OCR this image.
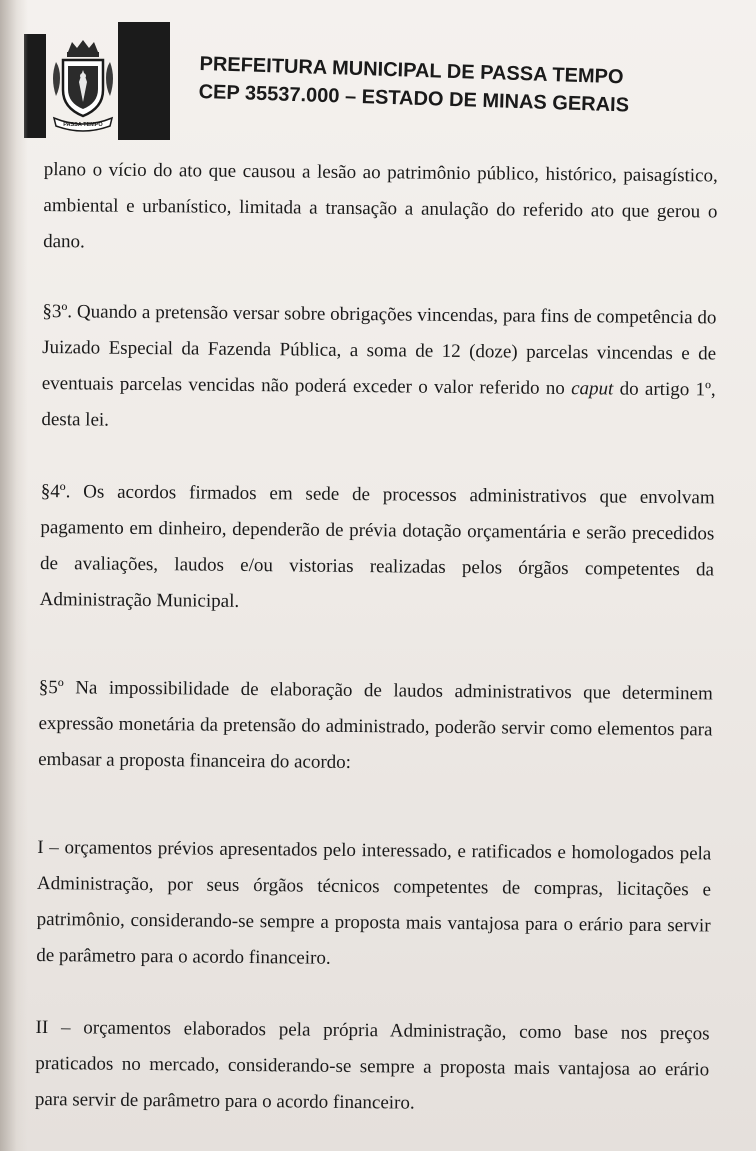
PASSA TEMPO
PREFEITURA MUNICIPAL DE PASSA TEMPO
CEP 35537.000 – ESTADO DE MINAS GERAIS

plano o vício do ato que causou a lesão ao patrimônio público, histórico, paisagístico, ambiental e urbanístico, limitada a transação a anulação do referido ato que gerou o dano.

§3º. Quando a pretensão versar sobre obrigações vincendas, para fins de competência do Juizado Especial da Fazenda Pública, a soma de 12 (doze) parcelas vincendas e de eventuais parcelas vencidas não poderá exceder o valor referido no caput do artigo 1º, desta lei.

§4º. Os acordos firmados em sede de processos administrativos que envolvam pagamento em dinheiro, dependerão de prévia dotação orçamentária e serão precedidos de avaliações, laudos e/ou vistorias realizadas pelos órgãos competentes da Administração Municipal.

§5º Na impossibilidade de elaboração de laudos administrativos que determinem expressão monetária da pretensão do administrado, poderão servir como elementos para embasar a proposta financeira do acordo:

I – orçamentos prévios apresentados pelo interessado, e ratificados e homologados pela Administração, por seus órgãos técnicos competentes de compras, licitações e patrimônio, considerando-se sempre a proposta mais vantajosa para o erário para servir de parâmetro para o acordo financeiro.

II – orçamentos elaborados pela própria Administração, como base nos preços praticados no mercado, considerando-se sempre a proposta mais vantajosa ao erário para servir de parâmetro para o acordo financeiro.
